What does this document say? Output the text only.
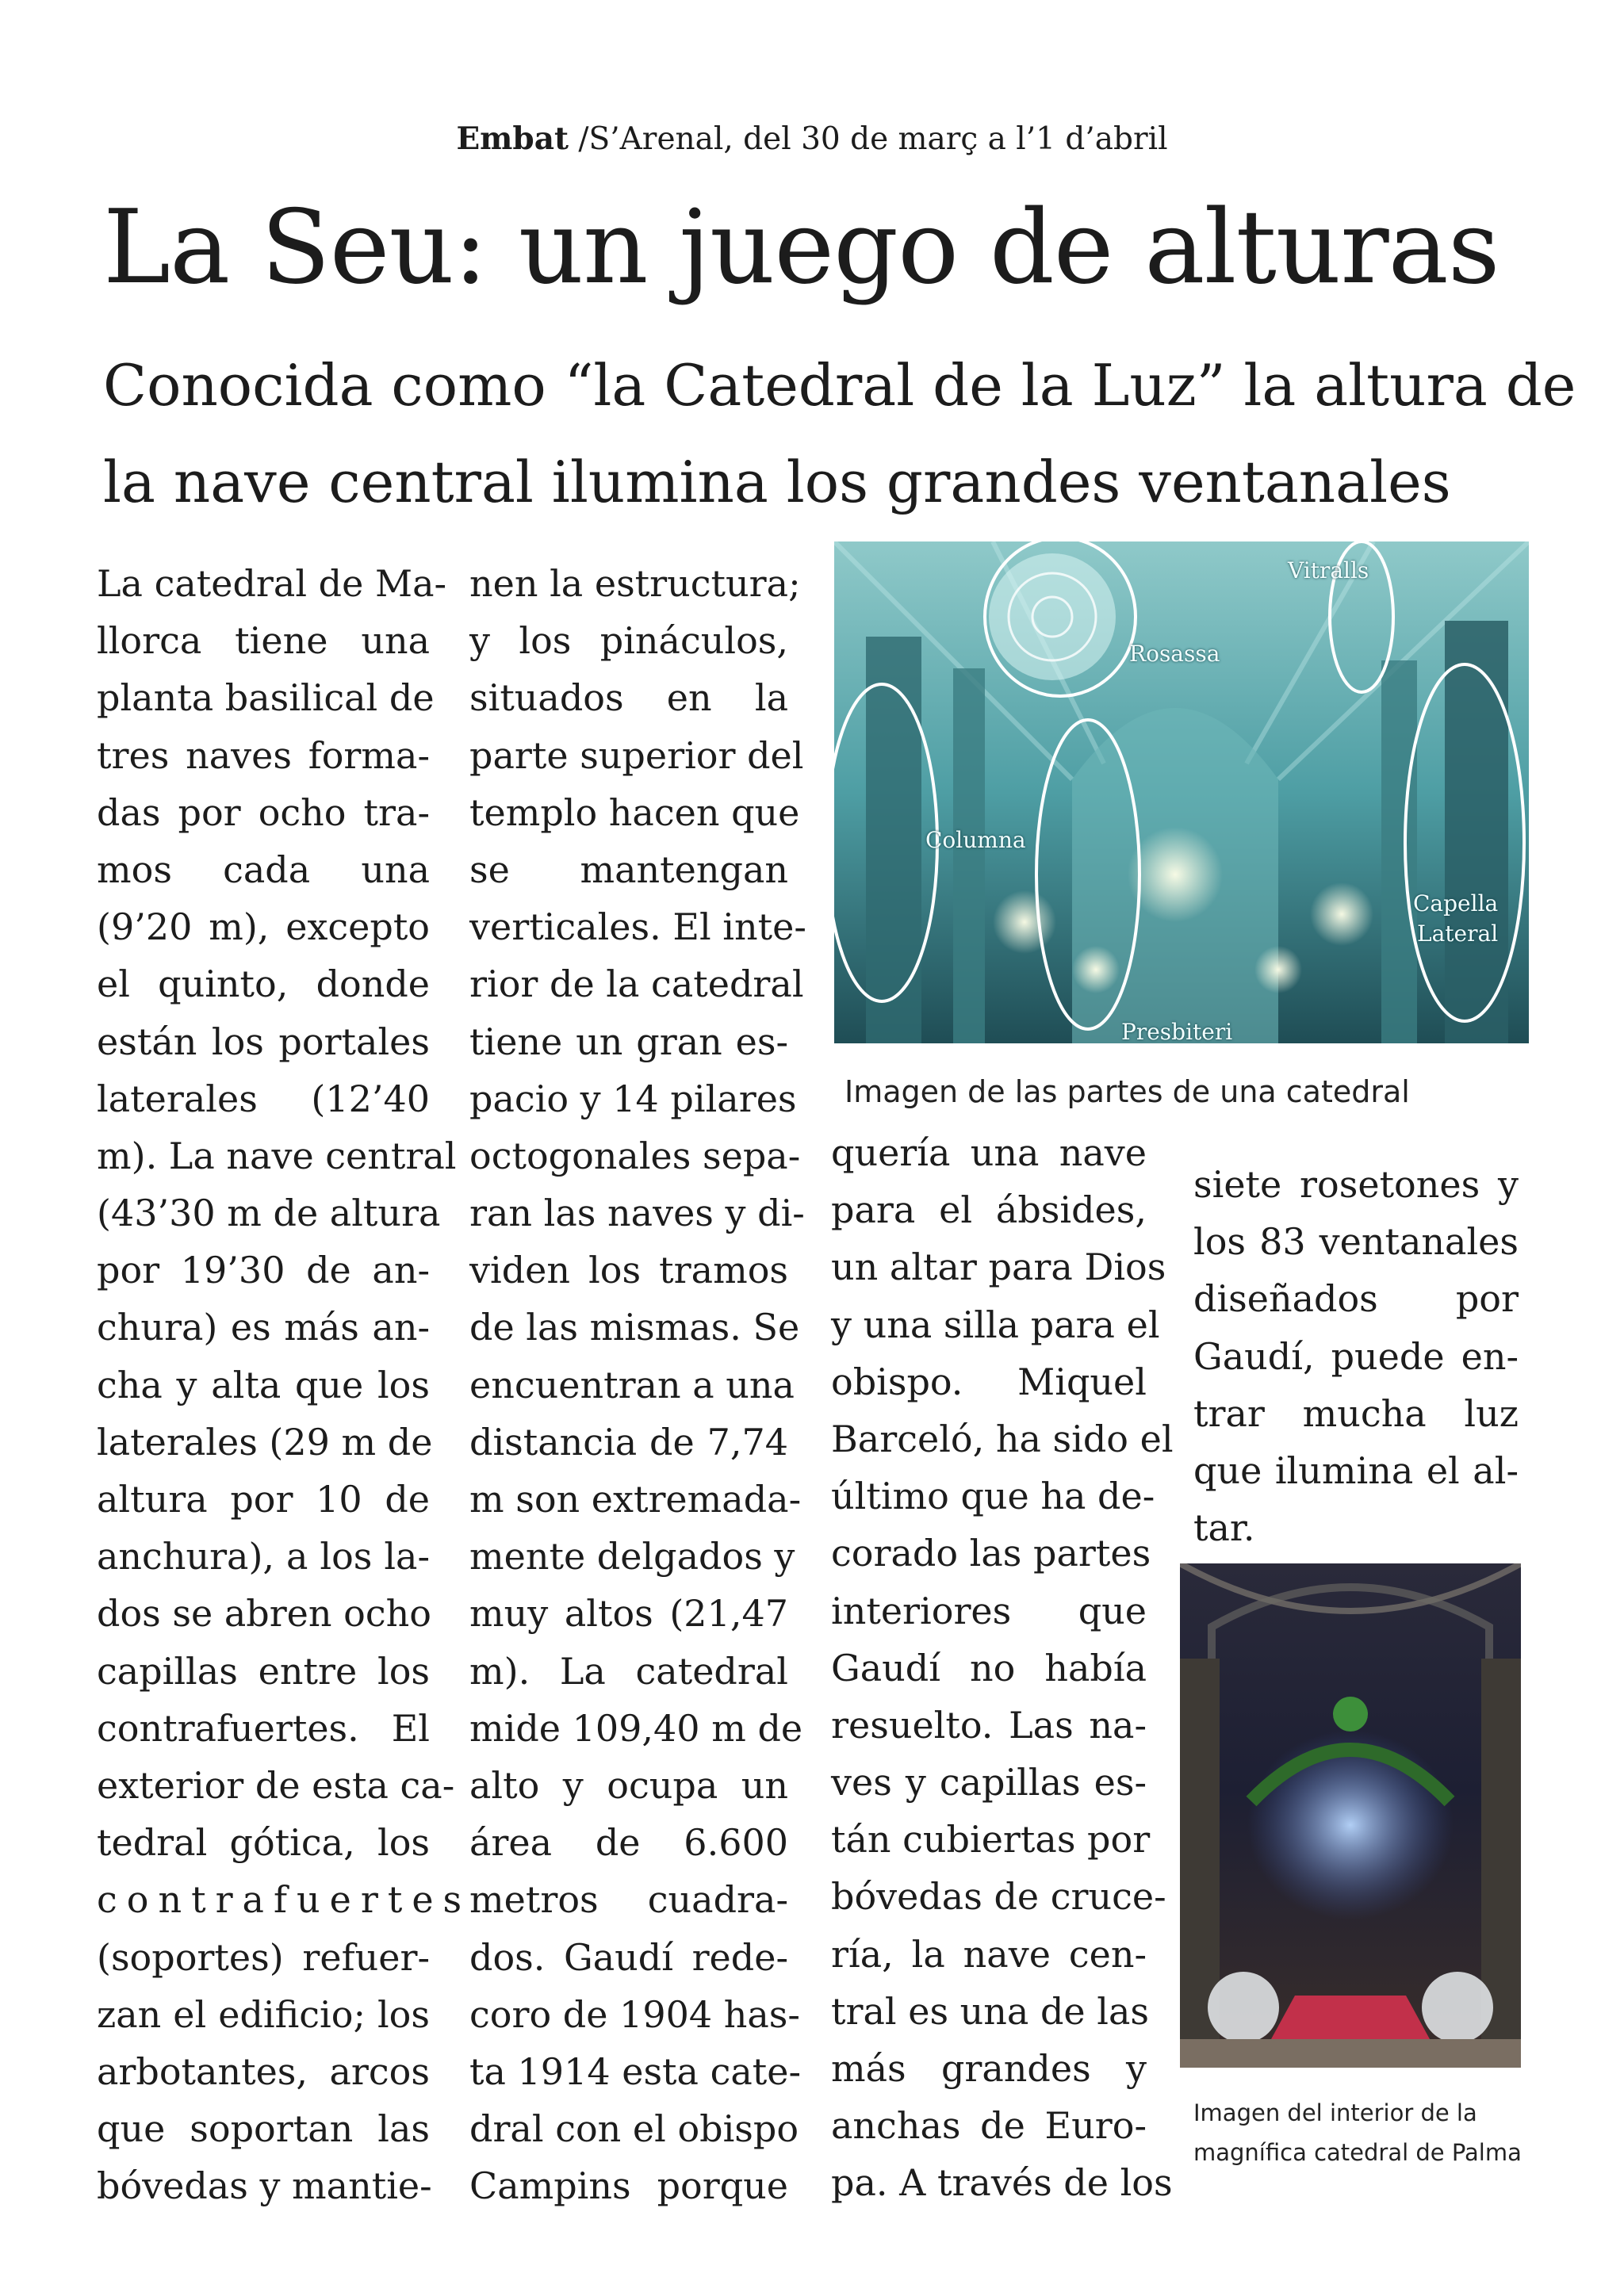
Embat /S’Arenal, del 30 de març a l’1 d’abril
La Seu: un juego de alturas
Conocida como “la Catedral de la Luz” la altura de
la nave central ilumina los grandes ventanales
La catedral de Ma-
llorca tiene una
planta basilical de
tres naves forma-
das por ocho tra-
mos cada una
(9’20 m), excepto
el quinto, donde
están los portales
laterales (12’40
m). La nave central
(43’30 m de altura
por 19’30 de an-
chura) es más an-
cha y alta que los
laterales (29 m de
altura por 10 de
anchura), a los la-
dos se abren ocho
capillas entre los
contrafuertes. El
exterior de esta ca-
tedral gótica, los
contrafuertes
(soportes) refuer-
zan el edificio; los
arbotantes, arcos
que soportan las
bóvedas y mantie-
nen la estructura;
y los pináculos,
situados en la
parte superior del
templo hacen que
se mantengan
verticales. El inte-
rior de la catedral
tiene un gran es-
pacio y 14 pilares
octogonales sepa-
ran las naves y di-
viden los tramos
de las mismas. Se
encuentran a una
distancia de 7,74
m son extremada-
mente delgados y
muy altos (21,47
m). La catedral
mide 109,40 m de
alto y ocupa un
área de 6.600
metros cuadra-
dos. Gaudí rede-
coro de 1904 has-
ta 1914 esta cate-
dral con el obispo
Campins porque
Vitralls
Rosassa
Columna
Capella
Lateral
Presbiteri
Imagen de las partes de una catedral
quería una nave
para el ábsides,
un altar para Dios
y una silla para el
obispo. Miquel
Barceló, ha sido el
último que ha de-
corado las partes
interiores que
Gaudí no había
resuelto. Las na-
ves y capillas es-
tán cubiertas por
bóvedas de cruce-
ría, la nave cen-
tral es una de las
más grandes y
anchas de Euro-
pa. A través de los
siete rosetones y
los 83 ventanales
diseñados por
Gaudí, puede en-
trar mucha luz
que ilumina el al-
tar.
Imagen del interior de la
magnífica catedral de Palma
